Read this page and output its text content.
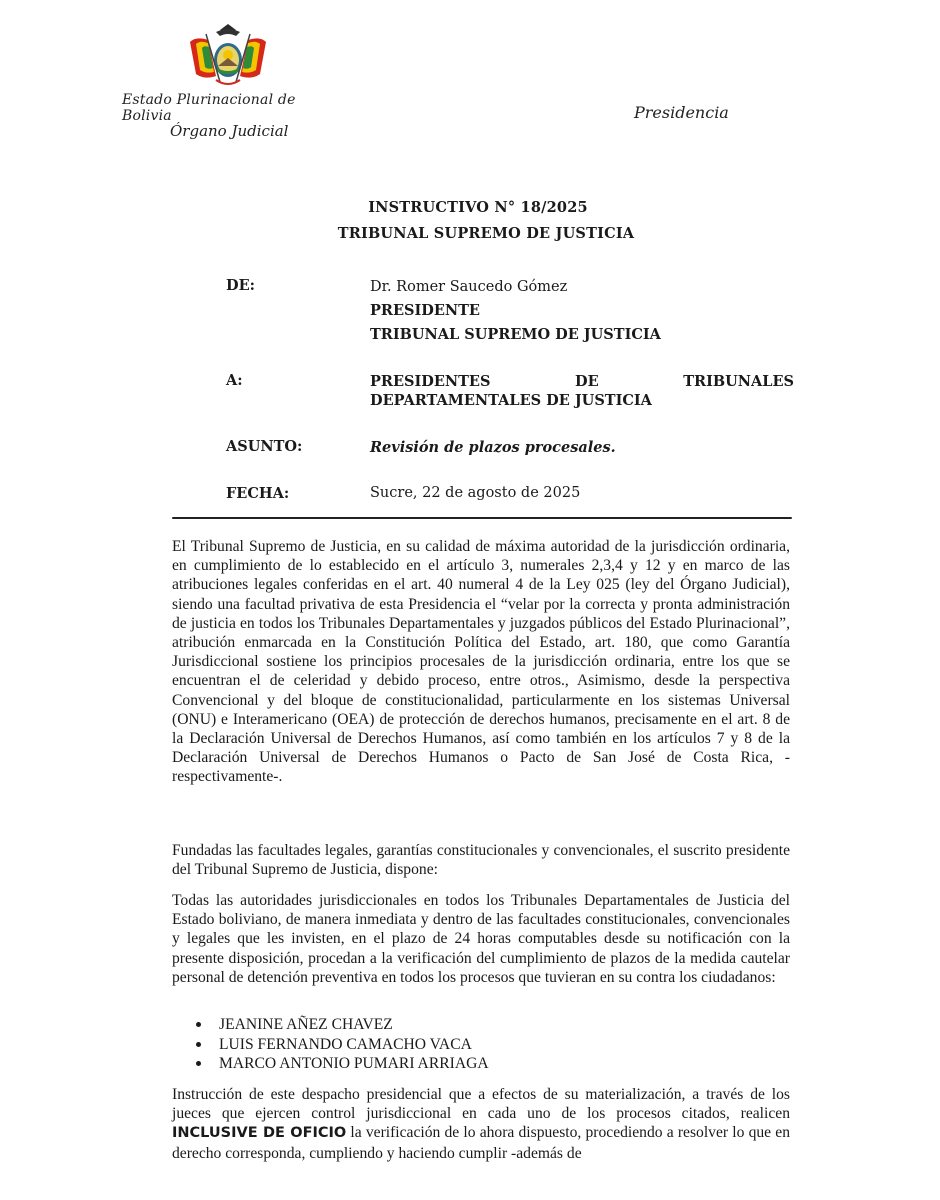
Estado Plurinacional de Bolivia
Órgano Judicial
Presidencia
INSTRUCTIVO N° 18/2025
TRIBUNAL SUPREMO DE JUSTICIA
DE:	Dr. Romer Saucedo Gómez
PRESIDENTE
TRIBUNAL SUPREMO DE JUSTICIA
A:	PRESIDENTES DE TRIBUNALES DEPARTAMENTALES DE JUSTICIA
ASUNTO:	Revisión de plazos procesales.
FECHA:	Sucre, 22 de agosto de 2025
El Tribunal Supremo de Justicia, en su calidad de máxima autoridad de la jurisdicción ordinaria, en cumplimiento de lo establecido en el artículo 3, numerales 2,3,4 y 12 y en marco de las atribuciones legales conferidas en el art. 40 numeral 4 de la Ley 025 (ley del Órgano Judicial), siendo una facultad privativa de esta Presidencia el “velar por la correcta y pronta administración de justicia en todos los Tribunales Departamentales y juzgados públicos del Estado Plurinacional”, atribución enmarcada en la Constitución Política del Estado, art. 180, que como Garantía Jurisdiccional sostiene los principios procesales de la jurisdicción ordinaria, entre los que se encuentran el de celeridad y debido proceso, entre otros., Asimismo, desde la perspectiva Convencional y del bloque de constitucionalidad, particularmente en los sistemas Universal (ONU) e Interamericano (OEA) de protección de derechos humanos, precisamente en el art. 8 de la Declaración Universal de Derechos Humanos, así como también en los artículos 7 y 8 de la Declaración Universal de Derechos Humanos o Pacto de San José de Costa Rica, -respectivamente-.
Fundadas las facultades legales, garantías constitucionales y convencionales, el suscrito presidente del Tribunal Supremo de Justicia, dispone:
Todas las autoridades jurisdiccionales en todos los Tribunales Departamentales de Justicia del Estado boliviano, de manera inmediata y dentro de las facultades constitucionales, convencionales y legales que les invisten, en el plazo de 24 horas computables desde su notificación con la presente disposición, procedan a la verificación del cumplimiento de plazos de la medida cautelar personal de detención preventiva en todos los procesos que tuvieran en su contra los ciudadanos:
JEANINE AÑEZ CHAVEZ
LUIS FERNANDO CAMACHO VACA
MARCO ANTONIO PUMARI ARRIAGA
Instrucción de este despacho presidencial que a efectos de su materialización, a través de los jueces que ejercen control jurisdiccional en cada uno de los procesos citados, realicen INCLUSIVE DE OFICIO la verificación de lo ahora dispuesto, procediendo a resolver lo que en derecho corresponda, cumpliendo y haciendo cumplir -además de
